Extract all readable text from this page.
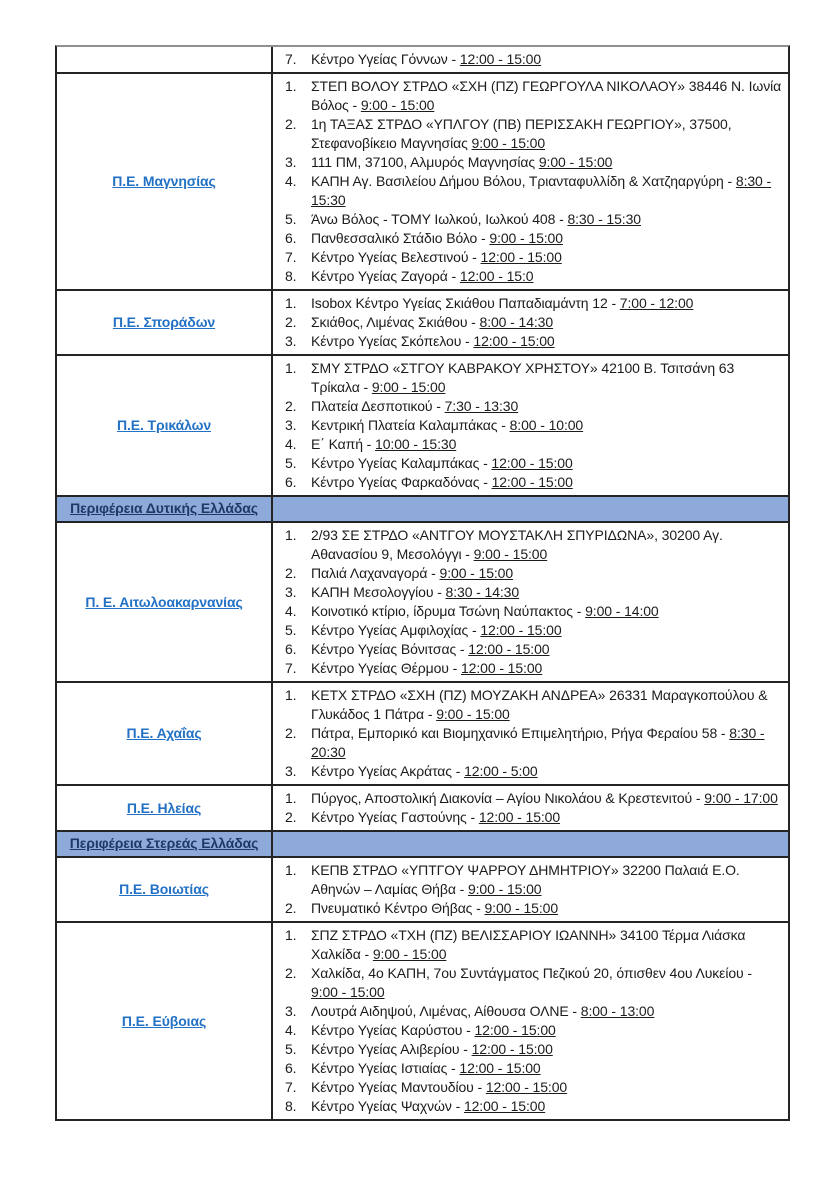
7.	Κέντρο Υγείας Γόννων - 12:00 - 15:00

Π.Ε. Μαγνησίας	
1.	ΣΤΕΠ ΒΟΛΟΥ ΣΤΡΔΟ «ΣΧΗ (ΠΖ) ΓΕΩΡΓΟΥΛΑ ΝΙΚΟΛΑΟΥ» 38446 Ν. Ιωνία Βόλος - 9:00 - 15:00
2.	1η ΤΑΞΑΣ ΣΤΡΔΟ «ΥΠΛΓΟΥ (ΠΒ) ΠΕΡΙΣΣΑΚΗ ΓΕΩΡΓΙΟΥ», 37500, Στεφανοβίκειο Μαγνησίας 9:00 - 15:00
3.	111 ΠΜ, 37100, Αλμυρός Μαγνησίας 9:00 - 15:00
4.	ΚΑΠΗ Αγ. Βασιλείου Δήμου Βόλου, Τριανταφυλλίδη & Χατζηαργύρη - 8:30 - 15:30
5.	Άνω Βόλος - ΤΟΜΥ Ιωλκού, Ιωλκού 408 - 8:30 - 15:30
6.	Πανθεσσαλικό Στάδιο Βόλο - 9:00 - 15:00
7.	Κέντρο Υγείας Βελεστινού - 12:00 - 15:00
8.	Κέντρο Υγείας Ζαγορά - 12:00 - 15:0

Π.Ε. Σποράδων	
1.	Isobox Κέντρο Υγείας Σκιάθου Παπαδιαμάντη 12 - 7:00 - 12:00
2.	Σκιάθος, Λιμένας Σκιάθου - 8:00 - 14:30
3.	Κέντρο Υγείας Σκόπελου - 12:00 - 15:00

Π.Ε. Τρικάλων	
1.	ΣΜΥ ΣΤΡΔΟ «ΣΤΓΟΥ ΚΑΒΡΑΚΟΥ ΧΡΗΣΤΟΥ» 42100 Β. Τσιτσάνη 63 Τρίκαλα - 9:00 - 15:00
2.	Πλατεία Δεσποτικού - 7:30 - 13:30
3.	Κεντρική Πλατεία Καλαμπάκας - 8:00 - 10:00
4.	Ε΄ Καπή - 10:00 - 15:30
5.	Κέντρο Υγείας Καλαμπάκας - 12:00 - 15:00
6.	Κέντρο Υγείας Φαρκαδόνας - 12:00 - 15:00

Περιφέρεια Δυτικής Ελλάδας	
Π. Ε. Αιτωλοακαρνανίας	
1.	2/93 ΣΕ ΣΤΡΔΟ «ΑΝΤΓΟΥ ΜΟΥΣΤΑΚΛΗ ΣΠΥΡΙΔΩΝΑ», 30200 Αγ. Αθανασίου 9, Μεσολόγγι - 9:00 - 15:00
2.	Παλιά Λαχαναγορά - 9:00 - 15:00
3.	ΚΑΠΗ Μεσολογγίου - 8:30 - 14:30
4.	Κοινοτικό κτίριο, ίδρυμα Τσώνη Ναύπακτος - 9:00 - 14:00
5.	Κέντρο Υγείας Αμφιλοχίας - 12:00 - 15:00
6.	Κέντρο Υγείας Βόνιτσας - 12:00 - 15:00
7.	Κέντρο Υγείας Θέρμου - 12:00 - 15:00

Π.Ε. Αχαΐας	
1.	ΚΕΤΧ ΣΤΡΔΟ «ΣΧΗ (ΠΖ) ΜΟΥΖΑΚΗ ΑΝΔΡΕΑ» 26331 Μαραγκοπούλου & Γλυκάδος 1 Πάτρα - 9:00 - 15:00
2.	Πάτρα, Εμπορικό και Βιομηχανικό Επιμελητήριο, Ρήγα Φεραίου 58 - 8:30 - 20:30
3.	Κέντρο Υγείας Ακράτας - 12:00 - 5:00

Π.Ε. Ηλείας	
1.	Πύργος, Αποστολική Διακονία – Αγίου Νικολάου & Κρεστενιτού - 9:00 - 17:00
2.	Κέντρο Υγείας Γαστούνης - 12:00 - 15:00

Περιφέρεια Στερεάς Ελλάδας	
Π.Ε. Βοιωτίας	
1.	ΚΕΠΒ ΣΤΡΔΟ «ΥΠΤΓΟΥ ΨΑΡΡΟΥ ΔΗΜΗΤΡΙΟΥ» 32200 Παλαιά Ε.Ο. Αθηνών – Λαμίας Θήβα - 9:00 - 15:00
2.	Πνευματικό Κέντρο Θήβας - 9:00 - 15:00

Π.Ε. Εύβοιας	
1.	ΣΠΖ ΣΤΡΔΟ «ΤΧΗ (ΠΖ) ΒΕΛΙΣΣΑΡΙΟΥ ΙΩΑΝΝΗ» 34100 Τέρμα Λιάσκα Χαλκίδα - 9:00 - 15:00
2.	Χαλκίδα, 4ο ΚΑΠΗ, 7ου Συντάγματος Πεζικού 20, όπισθεν 4ου Λυκείου - 9:00 - 15:00
3.	Λουτρά Αιδηψού, Λιμένας, Αίθουσα ΟΛΝΕ - 8:00 - 13:00
4.	Κέντρο Υγείας Καρύστου - 12:00 - 15:00
5.	Κέντρο Υγείας Αλιβερίου - 12:00 - 15:00
6.	Κέντρο Υγείας Ιστιαίας - 12:00 - 15:00
7.	Κέντρο Υγείας Μαντουδίου - 12:00 - 15:00
8.	Κέντρο Υγείας Ψαχνών - 12:00 - 15:00
